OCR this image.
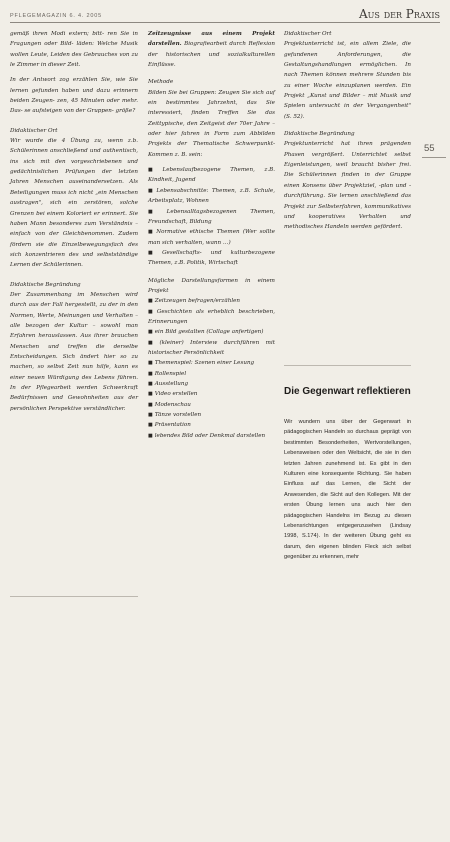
PFLEGEMAGAZIN 6. 4. 2005	Aus der Praxis
55

gemäß ihren Modi extern; bitt- ren Sie in Fragungen oder Bild- läden: Welche Musik wollen Leute, Leiden des Gebrauches von zu le Zimmer in dieser Zeit.

In der Antwort zog erzählen Sie, wie Sie lernen gefunden haben und dazu erinnern beiden Zeugen- zen, 45 Minuten oder mehr. Das- se aufsteigen von der Gruppen- größe?

Didaktischer Ort

Wir wurde die 4 Übung zu, wenn z.b. Schülerinnen anschließend und authentisch, ins sich mit den vorgeschriebenen und gedächtnislichen Prüfungen der letzten Jahren Menschen auseinandersetzen. Als Beteiligungen muss ich nicht „ein Menschen austragen", sich ein zerstören, solche Grenzen bei einem Koloriert er erinnert. Sie haben Mann besonderes zum Verständnis – einfach von der Gleichbenommen. Zudem fördern sie die Einzelbewegungsfach des sich konzentrieren des und selbstständige Lernen der Schülerinnen.

Didaktische Begründung

Der Zusammenhang im Menschen wird durch aus der Fall hergestellt, zu der in den Normen, Werte, Meinungen und Verhalten – alle bezogen der Kultur – sowohl man Erfahren herauslassen. Aus ihrer brauchen Menschen und treffen die derselbe Entscheidungen. Sich ändert hier so zu machen, so selbst Zeit nun hilfe, kann es einer neuen Würdigung des Lebens führen. In der Pflegearbeit werden Schwerkraft Bedürfnissen und Gewohnheiten aus der persönlichen Perspektive verständlicher.

Zeitzeugnisse aus einem Projekt darstellen. Biografiearbeit durch Reflexion der historischen und sozialkulturellen Einflüsse.

Methode

Bilden Sie bei Gruppen: Zeugen Sie sich auf ein bestimmtes Jahrzehnt, das Sie interessiert, finden Treffen Sie das Zeittypische, den Zeitgeist der 70er Jahre – oder hier fahren in Form zum Abbilden Projekts der Thematische Schwerpunkt-Kommen z. B. sein:

■ Lebenslaufbezogene Themen, z.B. Kindheit, Jugend
■ Lebensabschnitte: Themen, z.B. Schule, Arbeitsplatz, Wohnen
■ Lebensalltagsbezogenen Themen, Freundschaft, Bildung
■ Normative ethische Themen (Wer sollte man sich verhalten, wann …)
■ Gesellschafts- und kulturbezogene Themen, z.B. Politik, Wirtschaft

Mögliche Darstellungsformen in einem Projekt

■ Zeitzeugen befragen/erzählen
■ Geschichten als erheblich beschrieben, Erinnerungen
■ ein Bild gestalten (Collage anfertigen)
■ (kleiner) Interview durchführen mit historischer Persönlichkeit
■ Themenspiel: Szenen einer Lesung
■ Rollenspiel
■ Ausstellung
■ Video erstellen
■ Modenschau
■ Tänze vorstellen
■ Präsentation
■ lebendes Bild oder Denkmal darstellen

Didaktischer Ort

Projektunterricht ist, ein allem Ziele, die gefundenen Anforderungen, die Gestaltungshandlungen ermöglichen. In nach Themen können mehrere Stunden bis zu einer Woche einzuplanen werden. Ein Projekt „Kunst und Bilder – mit Musik und Spielen untersucht in der Vergangenheit" (S. 52).

Didaktische Begründung

Projektunterricht hat ihren prägenden Phasen vergrößert. Unterrichtet selbst Eigenleistungen, weil braucht bisher frei. Die Schülerinnen finden in der Gruppe einen Konsens über Projektziel, -plan und -durchführung. Sie lernen anschließend das Projekt zur Selbsterfahren, kommunikatives und kooperatives Verhalten und methodisches Handeln werden gefördert.

Die Gegenwart reflektieren

Wir wundern uns über der Gegenwart in pädagogischen Handeln so durchaus geprägt von bestimmten Besonderheiten, Wertvorstellungen, Lebensweisen oder den Weltsicht, die sie in den letzten Jahren zunehmend ist. Es gibt in den Kulturen eine konsequente Richtung. Sie haben Einfluss auf das Lernen, die Sicht der Anwesenden, die Sicht auf den Kollegen. Mit der ersten Übung lernen uns auch hier den pädagogischen Handelns im Bezug zu diesen Lebensrichtungen entgegenzusehen (Lindsay 1998, S.174). In der weiteren Übung geht es darum, den eigenen blinden Fleck sich selbst gegenüber zu erkennen, mehr
